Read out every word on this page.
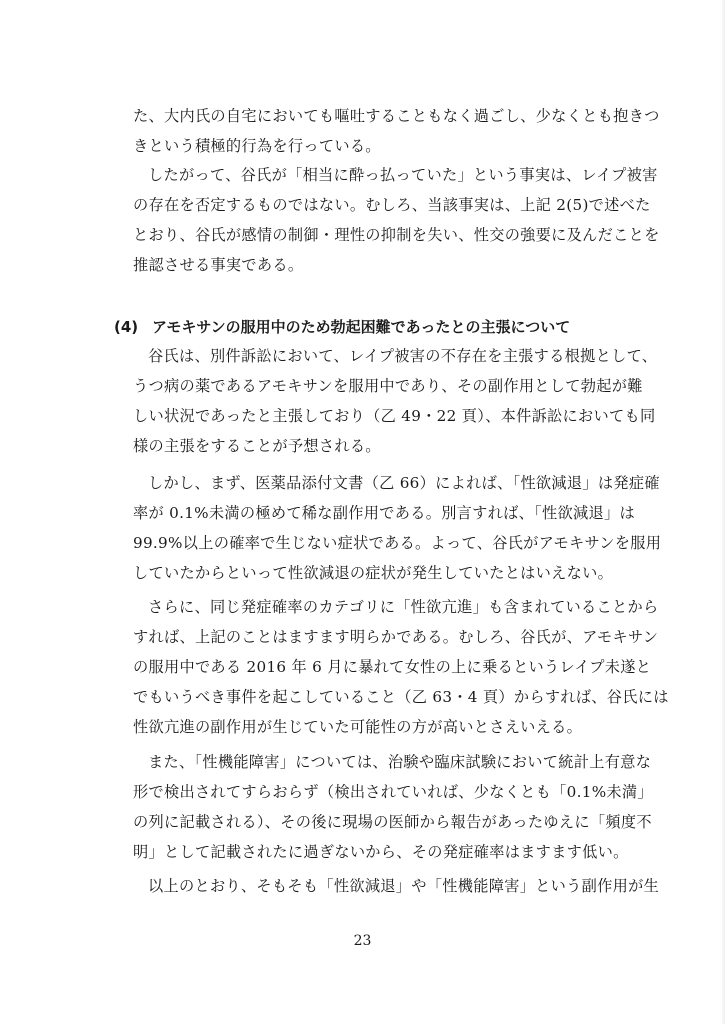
た、大内氏の自宅においても嘔吐することもなく過ごし、少なくとも抱きつ
きという積極的行為を行っている。
したがって、谷氏が「相当に酔っ払っていた」という事実は、レイプ被害
の存在を否定するものではない。むしろ、当該事実は、上記 2(5)で述べた
とおり、谷氏が感情の制御・理性の抑制を失い、性交の強要に及んだことを
推認させる事実である。
(4) アモキサンの服用中のため勃起困難であったとの主張について
谷氏は、別件訴訟において、レイプ被害の不存在を主張する根拠として、
うつ病の薬であるアモキサンを服用中であり、その副作用として勃起が難
しい状況であったと主張しており（乙 49・22 頁）、本件訴訟においても同
様の主張をすることが予想される。
しかし、まず、医薬品添付文書（乙 66）によれば、「性欲減退」は発症確
率が 0.1%未満の極めて稀な副作用である。別言すれば、「性欲減退」は
99.9%以上の確率で生じない症状である。よって、谷氏がアモキサンを服用
していたからといって性欲減退の症状が発生していたとはいえない。
さらに、同じ発症確率のカテゴリに「性欲亢進」も含まれていることから
すれば、上記のことはますます明らかである。むしろ、谷氏が、アモキサン
の服用中である 2016 年 6 月に暴れて女性の上に乗るというレイプ未遂と
でもいうべき事件を起こしていること（乙 63・4 頁）からすれば、谷氏には
性欲亢進の副作用が生じていた可能性の方が高いとさえいえる。
また、「性機能障害」については、治験や臨床試験において統計上有意な
形で検出されてすらおらず（検出されていれば、少なくとも「0.1%未満」
の列に記載される）、その後に現場の医師から報告があったゆえに「頻度不
明」として記載されたに過ぎないから、その発症確率はますます低い。
以上のとおり、そもそも「性欲減退」や「性機能障害」という副作用が生
23
